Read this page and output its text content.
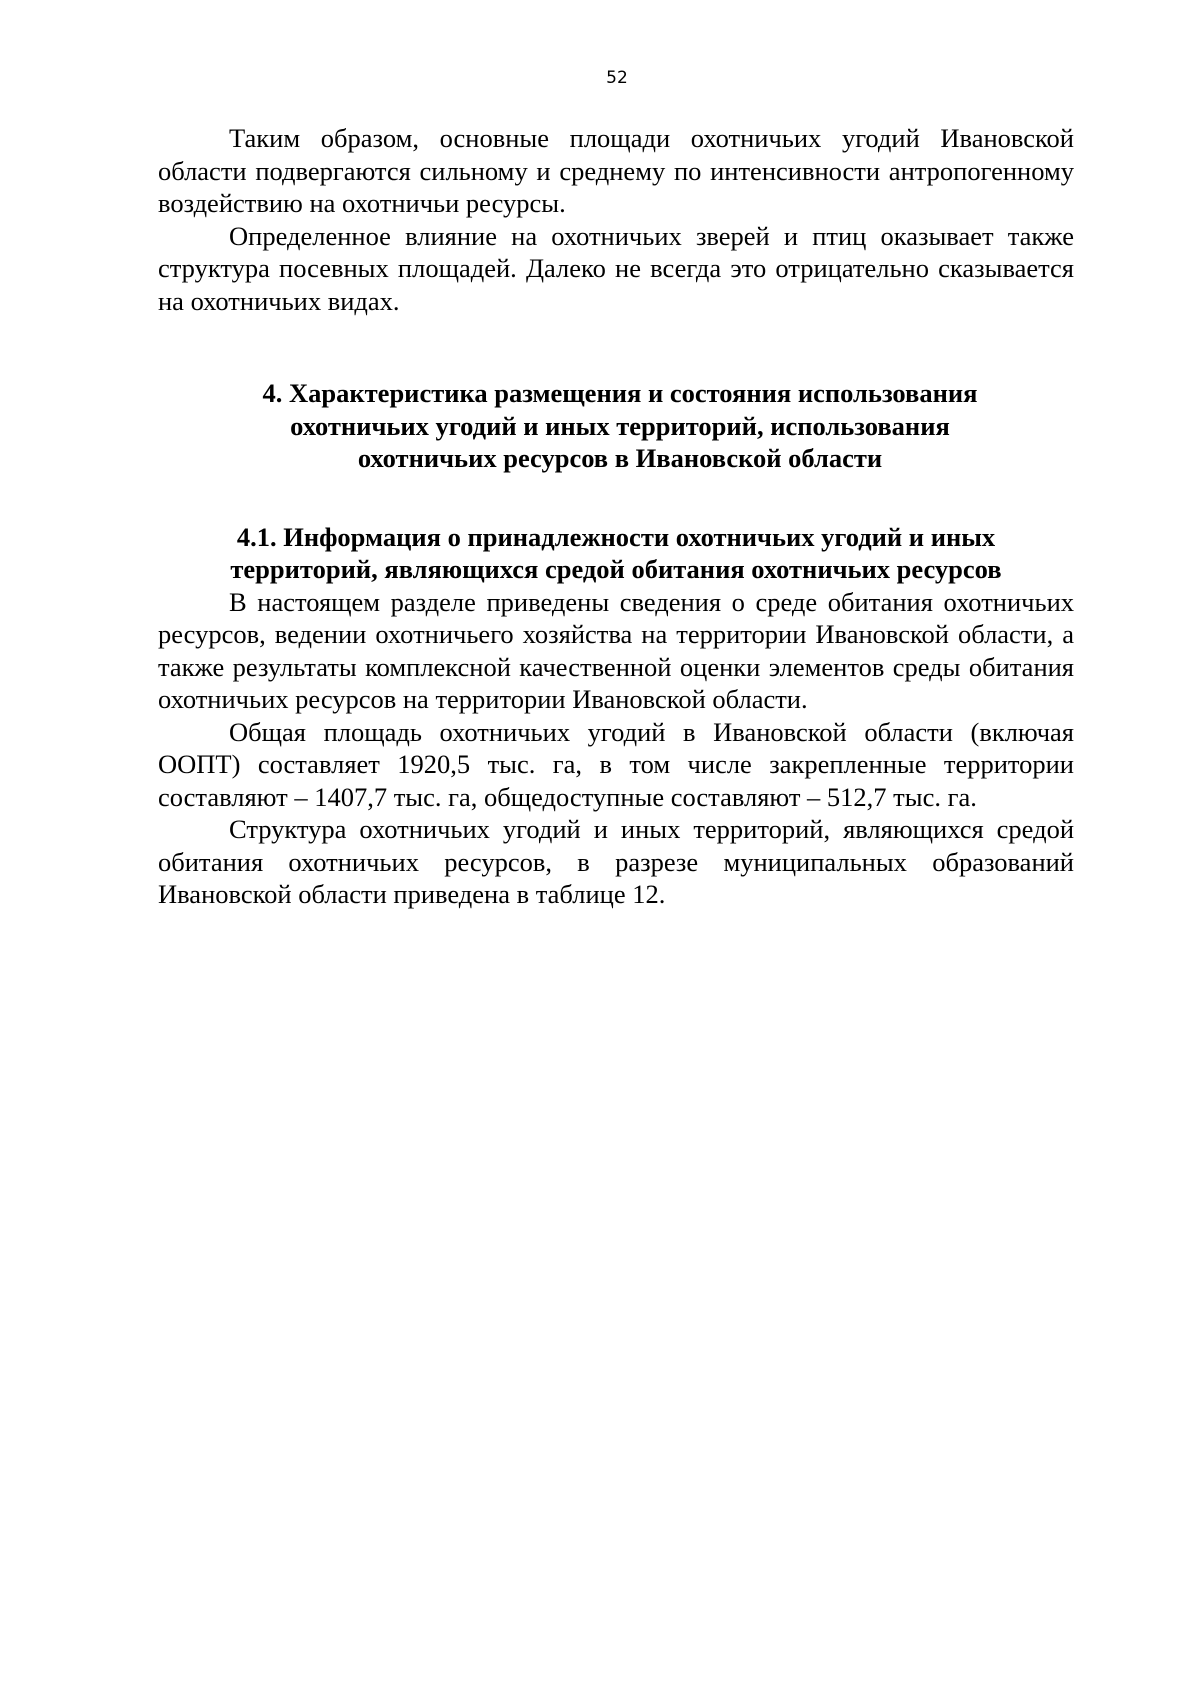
52

Таким образом, основные площади охотничьих угодий Ивановской области подвергаются сильному и среднему по интенсивности антропогенному воздействию на охотничьи ресурсы.

Определенное влияние на охотничьих зверей и птиц оказывает также структура посевных площадей. Далеко не всегда это отрицательно сказывается на охотничьих видах.

4. Характеристика размещения и состояния использования
охотничьих угодий и иных территорий, использования
охотничьих ресурсов в Ивановской области
4.1. Информация о принадлежности охотничьих угодий и иных
территорий, являющихся средой обитания охотничьих ресурсов

В настоящем разделе приведены сведения о среде обитания охотничьих ресурсов, ведении охотничьего хозяйства на территории Ивановской области, а также результаты комплексной качественной оценки элементов среды обитания охотничьих ресурсов на территории Ивановской области.

Общая площадь охотничьих угодий в Ивановской области (включая ООПТ) составляет 1920,5 тыс. га, в том числе закрепленные территории составляют – 1407,7 тыс. га, общедоступные составляют – 512,7 тыс. га.

Структура охотничьих угодий и иных территорий, являющихся средой обитания охотничьих ресурсов, в разрезе муниципальных образований Ивановской области приведена в таблице 12.
